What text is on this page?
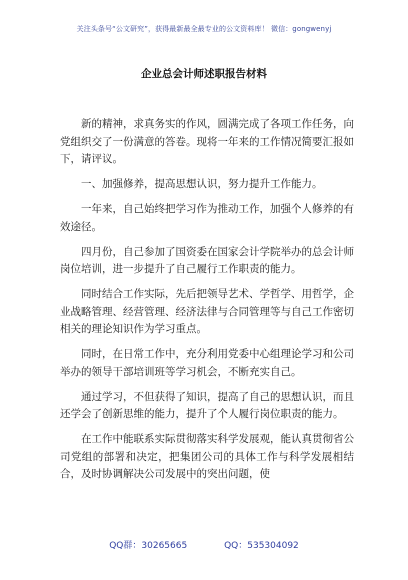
关注头条号“公文研究”，获得最新最全最专业的公文资料库！ 微信：gongwenyj
企业总会计师述职报告材料

新的精神，求真务实的作风，圆满完成了各项工作任务，向党组织交了一份满意的答卷。现将一年来的工作情况简要汇报如下，请评议。

一、加强修养，提高思想认识，努力提升工作能力。

一年来，自己始终把学习作为推动工作，加强个人修养的有效途径。

四月份，自己参加了国资委在国家会计学院举办的总会计师岗位培训，进一步提升了自己履行工作职责的能力。

同时结合工作实际，先后把领导艺术、学哲学、用哲学，企业战略管理、经营管理、经济法律与合同管理等与自己工作密切相关的理论知识作为学习重点。

同时，在日常工作中，充分利用党委中心组理论学习和公司举办的领导干部培训班等学习机会，不断充实自己。

通过学习，不但获得了知识，提高了自己的思想认识，而且还学会了创新思维的能力，提升了个人履行岗位职责的能力。

在工作中能联系实际贯彻落实科学发展观，能认真贯彻省公司党组的部署和决定，把集团公司的具体工作与科学发展相结合，及时协调解决公司发展中的突出问题，使

QQ群：30265665	QQ：535304092
